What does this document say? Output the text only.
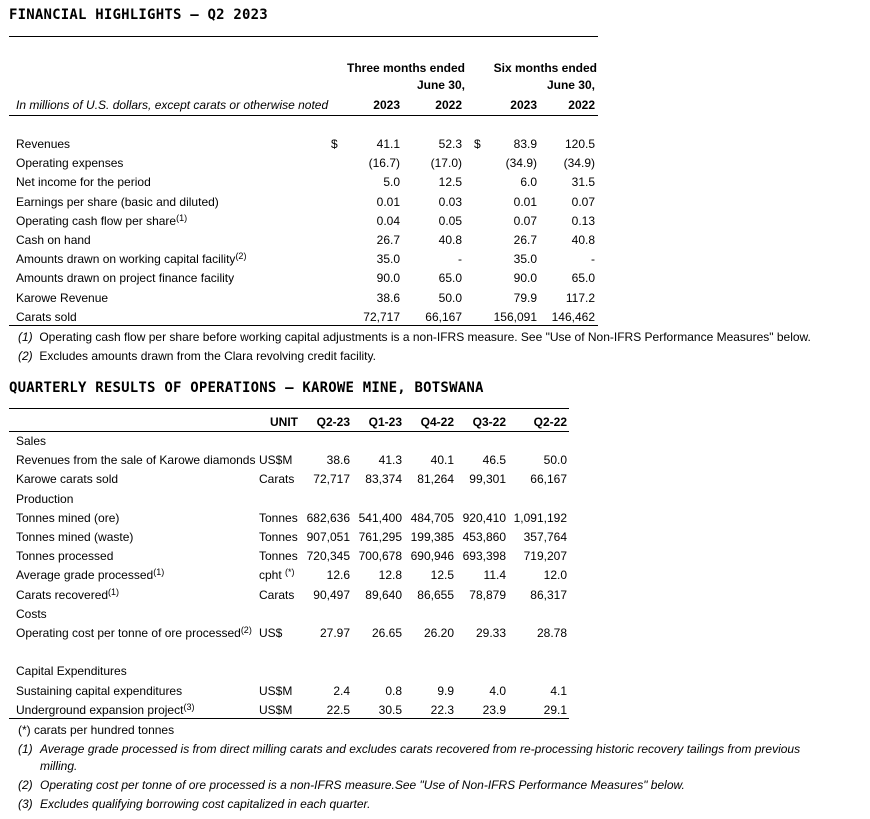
FINANCIAL HIGHLIGHTS – Q2 2023
Three months ended
June 30,
Six months ended
June 30,
In millions of U.S. dollars, except carats or otherwise noted	2023	2022	2023	2022
Revenues	$	41.1	52.3 $	83.9	120.5
Operating expenses	(16.7)	(17.0)	(34.9)	(34.9)
Net income for the period	5.0	12.5	6.0	31.5
Earnings per share (basic and diluted)	0.01	0.03	0.01	0.07
Operating cash flow per share$^{(1)}$	0.04	0.05	0.07	0.13
Cash on hand	26.7	40.8	26.7	40.8
Amounts drawn on working capital facility$^{(2)}$	35.0	-	35.0	-
Amounts drawn on project finance facility	90.0	65.0	90.0	65.0
Karowe Revenue	38.6	50.0	79.9	117.2
Carats sold	72,717	66,167	156,091	146,462
(1) Operating cash flow per share before working capital adjustments is a non-IFRS measure. See "Use of Non-IFRS Performance Measures" below.
(2) Excludes amounts drawn from the Clara revolving credit facility.
QUARTERLY RESULTS OF OPERATIONS – KAROWE MINE, BOTSWANA
UNIT	Q2-23	Q1-23	Q4-22	Q3-22	Q2-22
Sales
Revenues from the sale of Karowe diamonds US$M	38.6	41.3	40.1	46.5	50.0
Karowe carats sold	Carats	72,717	83,374	81,264	99,301	66,167
Production
Tonnes mined (ore)	Tonnes 682,636 541,400 484,705 920,410 1,091,192
Tonnes mined (waste)	Tonnes 907,051 761,295 199,385 453,860	357,764
Tonnes processed	Tonnes 720,345 700,678 690,946 693,398	719,207
Average grade processed$^{(1)}$	cpht (*)	12.6	12.8	12.5	11.4	12.0
Carats recovered$^{(1)}$	Carats	90,497	89,640	86,655	78,879	86,317
Costs
Operating cost per tonne of ore processed$^{(2)}$ US$	27.97	26.65	26.20	29.33	28.78
Capital Expenditures
Sustaining capital expenditures	US$M	2.4	0.8	9.9	4.0	4.1
Underground expansion project$^{(3)}$	US$M	22.5	30.5	22.3	23.9	29.1
(*) carats per hundred tonnes
(1) Average grade processed is from direct milling carats and excludes carats recovered from re-processing historic recovery tailings from previous
milling.
(2) Operating cost per tonne of ore processed is a non-IFRS measure.See "Use of Non-IFRS Performance Measures" below.
(3) Excludes qualifying borrowing cost capitalized in each quarter.
